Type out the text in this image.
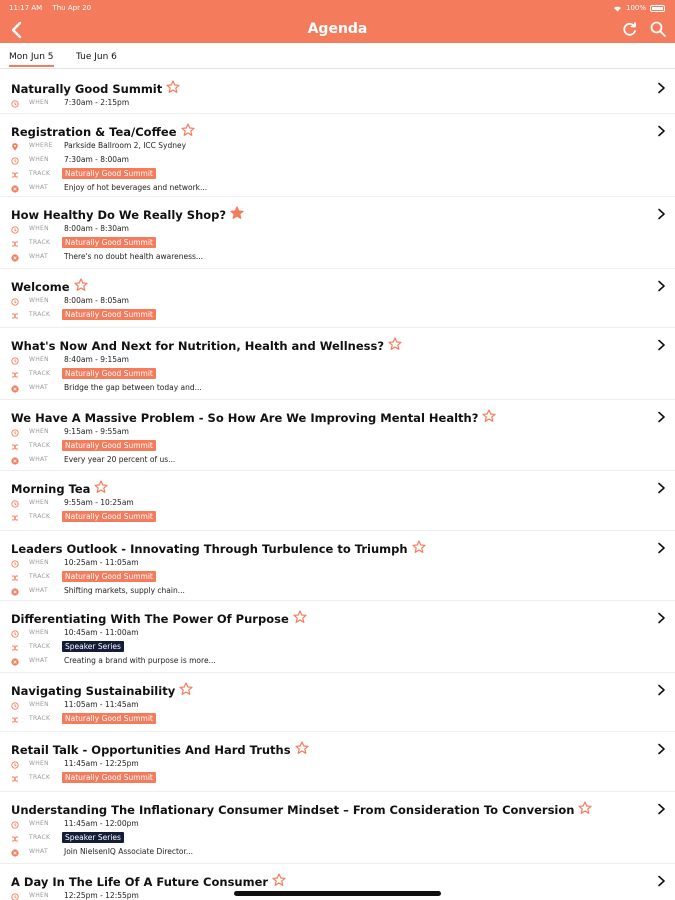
11:17 AM Thu Apr 20	100%
Agenda
Mon Jun 5	Tue Jun 6
Naturally Good Summit
WHEN 7:30am - 2:15pm
Registration & Tea/Coffee
WHERE Parkside Ballroom 2, ICC Sydney
WHEN 7:30am - 8:00am
TRACK	Naturally Good Summit
WHAT Enjoy of hot beverages and network...
How Healthy Do We Really Shop?
WHEN 8:00am - 8:30am
TRACK	Naturally Good Summit
WHAT There's no doubt health awareness...
Welcome
WHEN 8:00am - 8:05am
TRACK	Naturally Good Summit
What's Now And Next for Nutrition, Health and Wellness?
WHEN 8:40am - 9:15am
TRACK	Naturally Good Summit
WHAT Bridge the gap between today and...
We Have A Massive Problem - So How Are We Improving Mental Health?
WHEN 9:15am - 9:55am
TRACK	Naturally Good Summit
WHAT Every year 20 percent of us...
Morning Tea
WHEN 9:55am - 10:25am
TRACK	Naturally Good Summit
Leaders Outlook - Innovating Through Turbulence to Triumph
WHEN 10:25am - 11:05am
TRACK	Naturally Good Summit
WHAT Shifting markets, supply chain...
Differentiating With The Power Of Purpose
WHEN 10:45am - 11:00am
TRACK	Speaker Series
WHAT Creating a brand with purpose is more...
Navigating Sustainability
WHEN 11:05am - 11:45am
TRACK	Naturally Good Summit
Retail Talk - Opportunities And Hard Truths
WHEN 11:45am - 12:25pm
TRACK	Naturally Good Summit
Understanding The Inflationary Consumer Mindset – From Consideration To Conversion
WHEN 11:45am - 12:00pm
TRACK	Speaker Series
WHAT Join NielsenIQ Associate Director...
A Day In The Life Of A Future Consumer
WHEN 12:25pm - 12:55pm
